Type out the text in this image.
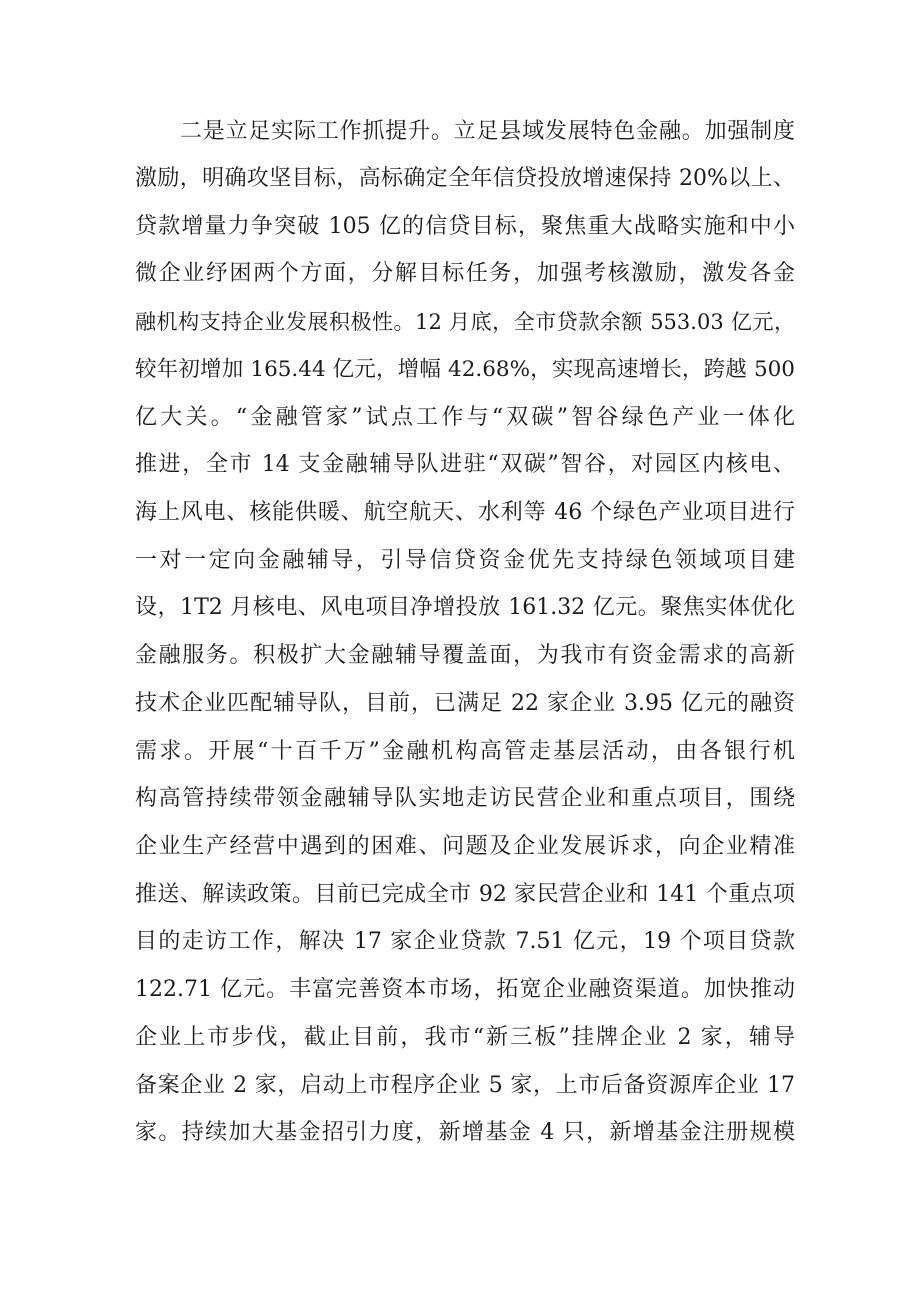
二是立足实际工作抓提升。立足县域发展特色金融。加强制度
激励，明确攻坚目标，高标确定全年信贷投放增速保持 20%以上、
贷款增量力争突破 105 亿的信贷目标，聚焦重大战略实施和中小
微企业纾困两个方面，分解目标任务，加强考核激励，激发各金
融机构支持企业发展积极性。12 月底，全市贷款余额 553.03 亿元，
较年初增加 165.44 亿元，增幅 42.68%，实现高速增长，跨越 500
亿大关。“金融管家”试点工作与“双碳”智谷绿色产业一体化
推进，全市 14 支金融辅导队进驻“双碳”智谷，对园区内核电、
海上风电、核能供暖、航空航天、水利等 46 个绿色产业项目进行
一对一定向金融辅导，引导信贷资金优先支持绿色领域项目建
设，1T2 月核电、风电项目净增投放 161.32 亿元。聚焦实体优化
金融服务。积极扩大金融辅导覆盖面，为我市有资金需求的高新
技术企业匹配辅导队，目前，已满足 22 家企业 3.95 亿元的融资
需求。开展“十百千万”金融机构高管走基层活动，由各银行机
构高管持续带领金融辅导队实地走访民营企业和重点项目，围绕
企业生产经营中遇到的困难、问题及企业发展诉求，向企业精准
推送、解读政策。目前已完成全市 92 家民营企业和 141 个重点项
目的走访工作，解决 17 家企业贷款 7.51 亿元，19 个项目贷款
122.71 亿元。丰富完善资本市场，拓宽企业融资渠道。加快推动
企业上市步伐，截止目前，我市“新三板”挂牌企业 2 家，辅导
备案企业 2 家，启动上市程序企业 5 家，上市后备资源库企业 17
家。持续加大基金招引力度，新增基金 4 只，新增基金注册规模
